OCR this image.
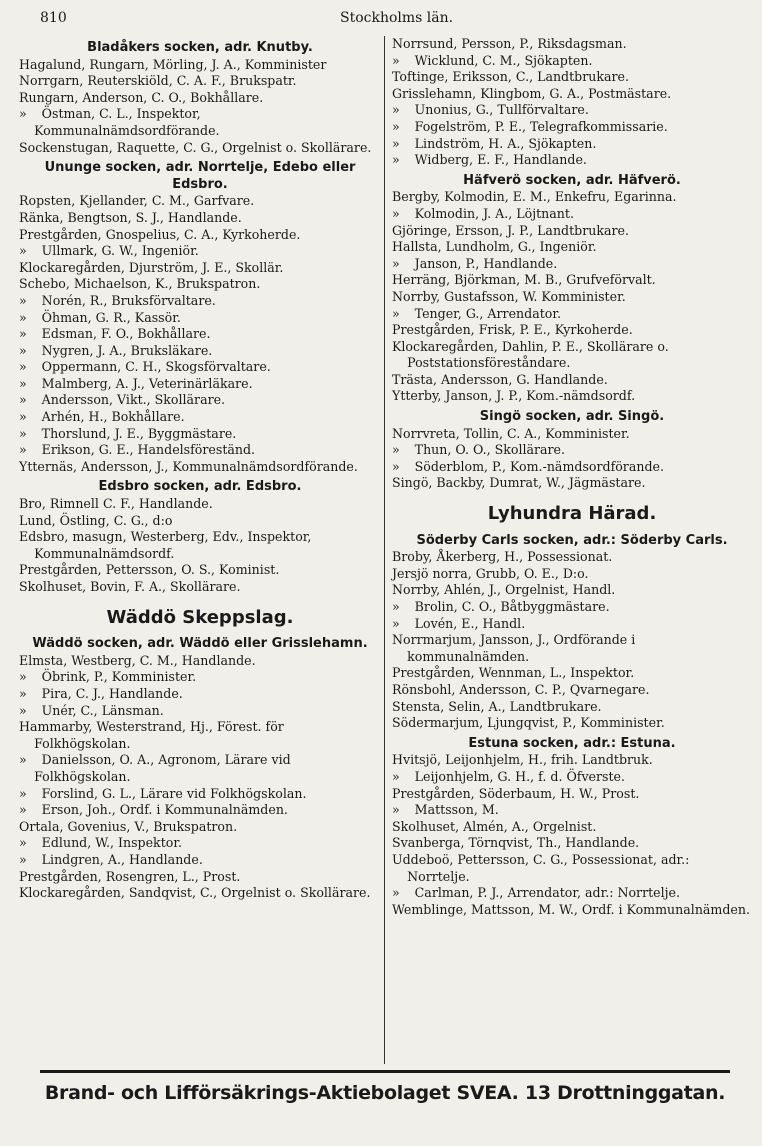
810	Stockholms län.
Bladåkers socken, adr. Knutby.
Hagalund, Rungarn, Mörling, J. A., Komminister
Norrgarn, Reuterskiöld, C. A. F., Brukspatr.
Rungarn, Anderson, C. O., Bokhållare.
» Östman, C. L., Inspektor, Kommunalnämdsordförande.
Sockenstugan, Raquette, C. G., Orgelnist o. Skollärare.
Ununge socken, adr. Norrtelje, Edebo eller Edsbro.
Ropsten, Kjellander, C. M., Garfvare.
Ränka, Bengtson, S. J., Handlande.
Prestgården, Gnospelius, C. A., Kyrkoherde.
» Ullmark, G. W., Ingeniör.
Klockaregården, Djurström, J. E., Skollär.
Schebo, Michaelson, K., Brukspatron.
» Norén, R., Bruksförvaltare.
» Öhman, G. R., Kassör.
» Edsman, F. O., Bokhållare.
» Nygren, J. A., Bruksläkare.
» Oppermann, C. H., Skogsförvaltare.
» Malmberg, A. J., Veterinärläkare.
» Andersson, Vikt., Skollärare.
» Arhén, H., Bokhållare.
» Thorslund, J. E., Byggmästare.
» Erikson, G. E., Handelsföreständ.
Ytternäs, Andersson, J., Kommunalnämdsordförande.
Edsbro socken, adr. Edsbro.
Bro, Rimnell C. F., Handlande.
Lund, Östling, C. G., d:o
Edsbro, masugn, Westerberg, Edv., Inspektor, Kommunalnämdsordf.
Prestgården, Pettersson, O. S., Kominist.
Skolhuset, Bovin, F. A., Skollärare.
Wäddö Skeppslag.
Wäddö socken, adr. Wäddö eller Grisslehamn.
Elmsta, Westberg, C. M., Handlande.
» Öbrink, P., Komminister.
» Pira, C. J., Handlande.
» Unér, C., Länsman.
Hammarby, Westerstrand, Hj., Förest. för Folkhögskolan.
» Danielsson, O. A., Agronom, Lärare vid Folkhögskolan.
» Forslind, G. L., Lärare vid Folkhögskolan.
» Erson, Joh., Ordf. i Kommunalnämden.
Ortala, Govenius, V., Brukspatron.
» Edlund, W., Inspektor.
» Lindgren, A., Handlande.
Prestgården, Rosengren, L., Prost.
Klockaregården, Sandqvist, C., Orgelnist o. Skollärare.
Norrsund, Persson, P., Riksdagsman.
» Wicklund, C. M., Sjökapten.
Toftinge, Eriksson, C., Landtbrukare.
Grisslehamn, Klingbom, G. A., Postmästare.
» Unonius, G., Tullförvaltare.
» Fogelström, P. E., Telegrafkommissarie.
» Lindström, H. A., Sjökapten.
» Widberg, E. F., Handlande.
Häfverö socken, adr. Häfverö.
Bergby, Kolmodin, E. M., Enkefru, Egarinna.
» Kolmodin, J. A., Löjtnant.
Gjöringe, Ersson, J. P., Landtbrukare.
Hallsta, Lundholm, G., Ingeniör.
» Janson, P., Handlande.
Herräng, Björkman, M. B., Grufveförvalt.
Norrby, Gustafsson, W. Komminister.
» Tenger, G., Arrendator.
Prestgården, Frisk, P. E., Kyrkoherde.
Klockaregården, Dahlin, P. E., Skollärare o. Poststationsföreståndare.
Trästa, Andersson, G. Handlande.
Ytterby, Janson, J. P., Kom.-nämdsordf.
Singö socken, adr. Singö.
Norrvreta, Tollin, C. A., Komminister.
» Thun, O. O., Skollärare.
» Söderblom, P., Kom.-nämdsordförande.
Singö, Backby, Dumrat, W., Jägmästare.
Lyhundra Härad.
Söderby Carls socken, adr.: Söderby Carls.
Broby, Åkerberg, H., Possessionat.
Jersjö norra, Grubb, O. E., D:o.
Norrby, Ahlén, J., Orgelnist, Handl.
» Brolin, C. O., Båtbyggmästare.
» Lovén, E., Handl.
Norrmarjum, Jansson, J., Ordförande i kommunalnämden.
Prestgården, Wennman, L., Inspektor.
Rönsbohl, Andersson, C. P., Qvarnegare.
Stensta, Selin, A., Landtbrukare.
Södermarjum, Ljungqvist, P., Komminister.
Estuna socken, adr.: Estuna.
Hvitsjö, Leijonhjelm, H., frih. Landtbruk.
» Leijonhjelm, G. H., f. d. Öfverste.
Prestgården, Söderbaum, H. W., Prost.
» Mattsson, M.
Skolhuset, Almén, A., Orgelnist.
Svanberga, Törnqvist, Th., Handlande.
Uddeboö, Pettersson, C. G., Possessionat, adr.: Norrtelje.
» Carlman, P. J., Arrendator, adr.: Norrtelje.
Wemblinge, Mattsson, M. W., Ordf. i Kommunalnämden.
Brand- och Lifförsäkrings-Aktiebolaget SVEA. 13 Drottninggatan.
